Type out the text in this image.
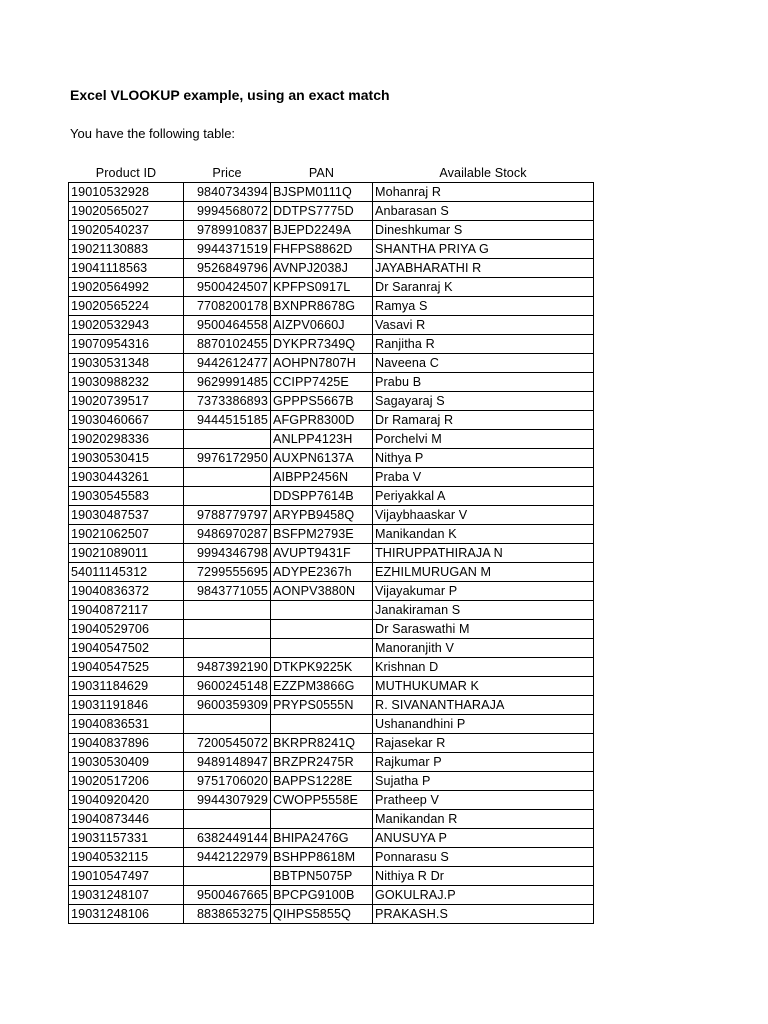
Excel VLOOKUP example, using an exact match
You have the following table:
Product ID	Price	PAN	Available Stock
19010532928	9840734394	BJSPM0111Q	Mohanraj R
19020565027	9994568072	DDTPS7775D	Anbarasan S
19020540237	9789910837	BJEPD2249A	Dineshkumar S
19021130883	9944371519	FHFPS8862D	SHANTHA PRIYA G
19041118563	9526849796	AVNPJ2038J	JAYABHARATHI R
19020564992	9500424507	KPFPS0917L	Dr Saranraj K
19020565224	7708200178	BXNPR8678G	Ramya S
19020532943	9500464558	AIZPV0660J	Vasavi R
19070954316	8870102455	DYKPR7349Q	Ranjitha R
19030531348	9442612477	AOHPN7807H	Naveena C
19030988232	9629991485	CCIPP7425E	Prabu B
19020739517	7373386893	GPPPS5667B	Sagayaraj S
19030460667	9444515185	AFGPR8300D	Dr Ramaraj R
19020298336		ANLPP4123H	Porchelvi M
19030530415	9976172950	AUXPN6137A	Nithya P
19030443261		AIBPP2456N	Praba V
19030545583		DDSPP7614B	Periyakkal A
19030487537	9788779797	ARYPB9458Q	Vijaybhaaskar V
19021062507	9486970287	BSFPM2793E	Manikandan K
19021089011	9994346798	AVUPT9431F	THIRUPPATHIRAJA N
54011145312	7299555695	ADYPE2367h	EZHILMURUGAN M
19040836372	9843771055	AONPV3880N	Vijayakumar P
19040872117			Janakiraman S
19040529706			Dr Saraswathi M
19040547502			Manoranjith V
19040547525	9487392190	DTKPK9225K	Krishnan D
19031184629	9600245148	EZZPM3866G	MUTHUKUMAR K
19031191846	9600359309	PRYPS0555N	R. SIVANANTHARAJA
19040836531			Ushanandhini P
19040837896	7200545072	BKRPR8241Q	Rajasekar R
19030530409	9489148947	BRZPR2475R	Rajkumar P
19020517206	9751706020	BAPPS1228E	Sujatha P
19040920420	9944307929	CWOPP5558E	Pratheep V
19040873446			Manikandan R
19031157331	6382449144	BHIPA2476G	ANUSUYA P
19040532115	9442122979	BSHPP8618M	Ponnarasu S
19010547497		BBTPN5075P	Nithiya R Dr
19031248107	9500467665	BPCPG9100B	GOKULRAJ.P
19031248106	8838653275	QIHPS5855Q	PRAKASH.S
